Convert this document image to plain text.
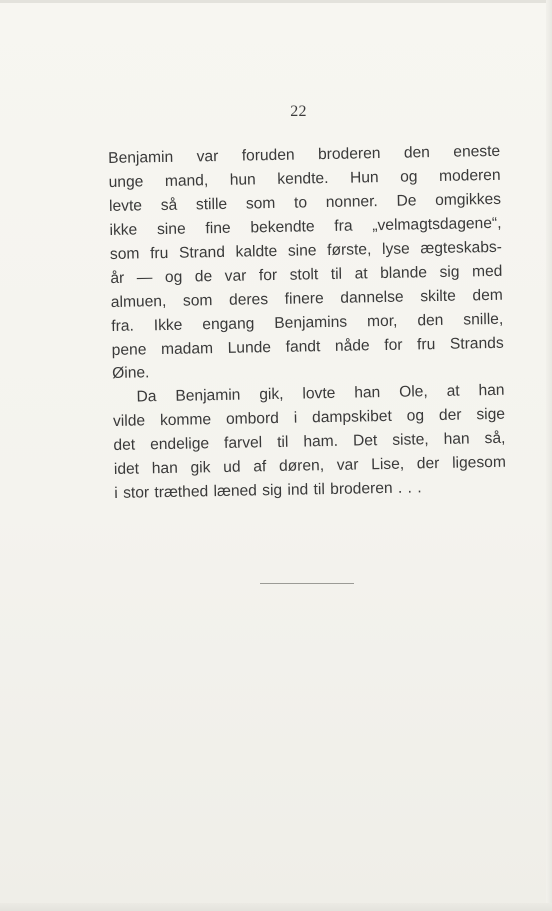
22
Benjamin var foruden broderen den eneste
unge mand, hun kendte. Hun og moderen
levte så stille som to nonner. De omgikkes
ikke sine fine bekendte fra „velmagtsdagene“,
som fru Strand kaldte sine første, lyse ægteskabs-
år — og de var for stolt til at blande sig med
almuen, som deres finere dannelse skilte dem
fra. Ikke engang Benjamins mor, den snille,
pene madam Lunde fandt nåde for fru Strands
Øine.
Da Benjamin gik, lovte han Ole, at han
vilde komme ombord i dampskibet og der sige
det endelige farvel til ham. Det siste, han så,
idet han gik ud af døren, var Lise, der ligesom
i stor træthed læned sig ind til broderen . . .
